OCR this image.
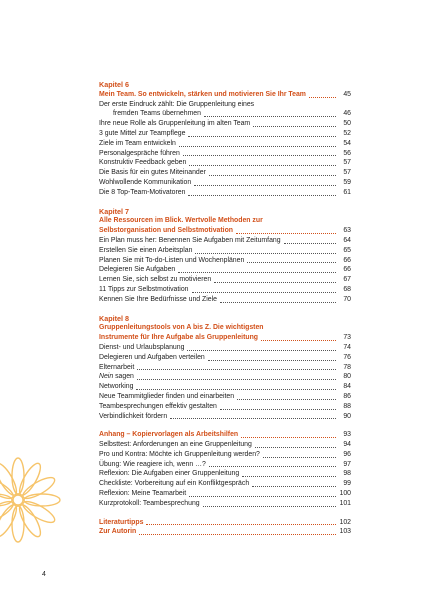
Kapitel 6
Mein Team. So entwickeln, stärken und motivieren Sie Ihr Team	45
Der erste Eindruck zählt: Die Gruppenleitung eines
fremden Teams übernehmen	46
Ihre neue Rolle als Gruppenleitung im alten Team	50
3 gute Mittel zur Teampflege	52
Ziele im Team entwickeln	54
Personalgespräche führen	56
Konstruktiv Feedback geben	57
Die Basis für ein gutes Miteinander	57
Wohlwollende Kommunikation	59
Die 8 Top-Team-Motivatoren	61
Kapitel 7
Alle Ressourcen im Blick. Wertvolle Methoden zur
Selbstorganisation und Selbstmotivation	63
Ein Plan muss her: Benennen Sie Aufgaben mit Zeitumfang	64
Erstellen Sie einen Arbeitsplan	65
Planen Sie mit To-do-Listen und Wochenplänen	66
Delegieren Sie Aufgaben	66
Lernen Sie, sich selbst zu motivieren	67
11 Tipps zur Selbstmotivation	68
Kennen Sie Ihre Bedürfnisse und Ziele	70
Kapitel 8
Gruppenleitungstools von A bis Z. Die wichtigsten
Instrumente für Ihre Aufgabe als Gruppenleitung	73
Dienst- und Urlaubsplanung	74
Delegieren und Aufgaben verteilen	76
Elternarbeit	78
Nein sagen	80
Networking	84
Neue Teammitglieder finden und einarbeiten	86
Teambesprechungen effektiv gestalten	88
Verbindlichkeit fördern	90
Anhang – Kopiervorlagen als Arbeitshilfen	93
Selbsttest: Anforderungen an eine Gruppenleitung	94
Pro und Kontra: Möchte ich Gruppenleitung werden?	96
Übung: Wie reagiere ich, wenn …?	97
Reflexion: Die Aufgaben einer Gruppenleitung	98
Checkliste: Vorbereitung auf ein Konfliktgespräch	99
Reflexion: Meine Teamarbeit	100
Kurzprotokoll: Teambesprechung	101
Literaturtipps	102
Zur Autorin	103
4
